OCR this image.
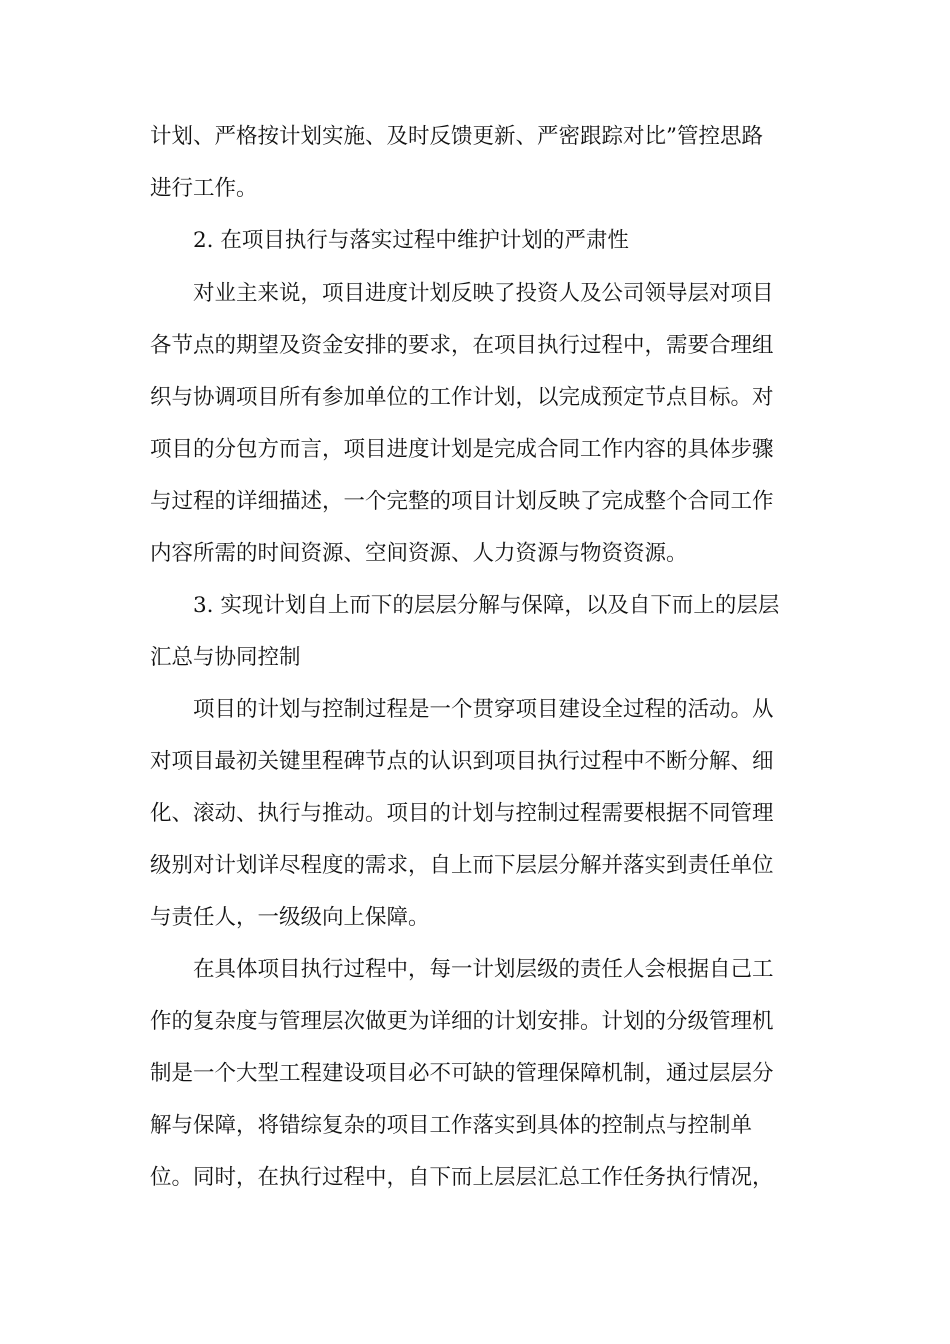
计划、严格按计划实施、及时反馈更新、严密跟踪对比”管控思路
进行工作。
2. 在项目执行与落实过程中维护计划的严肃性
对业主来说，项目进度计划反映了投资人及公司领导层对项目
各节点的期望及资金安排的要求，在项目执行过程中，需要合理组
织与协调项目所有参加单位的工作计划，以完成预定节点目标。对
项目的分包方而言，项目进度计划是完成合同工作内容的具体步骤
与过程的详细描述，一个完整的项目计划反映了完成整个合同工作
内容所需的时间资源、空间资源、人力资源与物资资源。
3. 实现计划自上而下的层层分解与保障，以及自下而上的层层
汇总与协同控制
项目的计划与控制过程是一个贯穿项目建设全过程的活动。从
对项目最初关键里程碑节点的认识到项目执行过程中不断分解、细
化、滚动、执行与推动。项目的计划与控制过程需要根据不同管理
级别对计划详尽程度的需求，自上而下层层分解并落实到责任单位
与责任人，一级级向上保障。
在具体项目执行过程中，每一计划层级的责任人会根据自己工
作的复杂度与管理层次做更为详细的计划安排。计划的分级管理机
制是一个大型工程建设项目必不可缺的管理保障机制，通过层层分
解与保障，将错综复杂的项目工作落实到具体的控制点与控制单
位。同时，在执行过程中，自下而上层层汇总工作任务执行情况，
